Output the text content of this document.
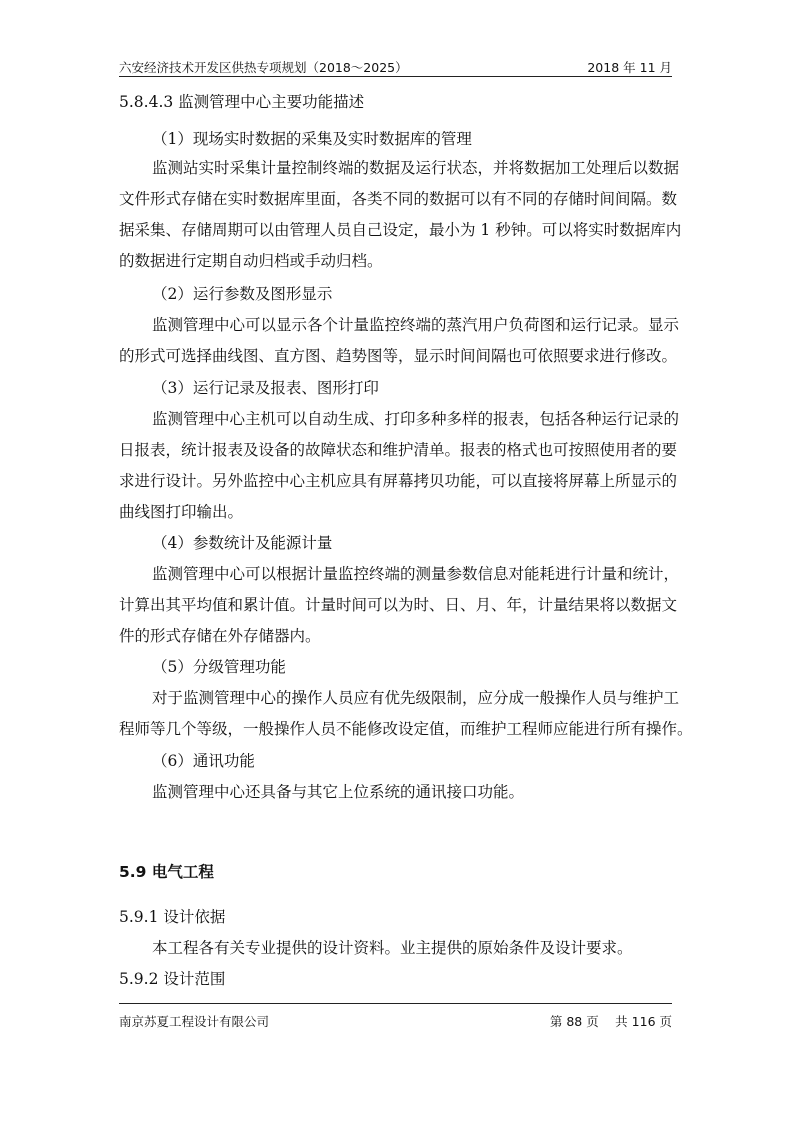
六安经济技术开发区供热专项规划（2018～2025）	2018 年 11 月
5.8.4.3 监测管理中心主要功能描述
（1）现场实时数据的采集及实时数据库的管理
监测站实时采集计量控制终端的数据及运行状态，并将数据加工处理后以数据
文件形式存储在实时数据库里面，各类不同的数据可以有不同的存储时间间隔。数
据采集、存储周期可以由管理人员自己设定，最小为 1 秒钟。可以将实时数据库内
的数据进行定期自动归档或手动归档。
（2）运行参数及图形显示
监测管理中心可以显示各个计量监控终端的蒸汽用户负荷图和运行记录。显示
的形式可选择曲线图、直方图、趋势图等，显示时间间隔也可依照要求进行修改。
（3）运行记录及报表、图形打印
监测管理中心主机可以自动生成、打印多种多样的报表，包括各种运行记录的
日报表，统计报表及设备的故障状态和维护清单。报表的格式也可按照使用者的要
求进行设计。另外监控中心主机应具有屏幕拷贝功能，可以直接将屏幕上所显示的
曲线图打印输出。
（4）参数统计及能源计量
监测管理中心可以根据计量监控终端的测量参数信息对能耗进行计量和统计，
计算出其平均值和累计值。计量时间可以为时、日、月、年，计量结果将以数据文
件的形式存储在外存储器内。
（5）分级管理功能
对于监测管理中心的操作人员应有优先级限制，应分成一般操作人员与维护工
程师等几个等级，一般操作人员不能修改设定值，而维护工程师应能进行所有操作。
（6）通讯功能
监测管理中心还具备与其它上位系统的通讯接口功能。
5.9 电气工程
5.9.1 设计依据
本工程各有关专业提供的设计资料。业主提供的原始条件及设计要求。
5.9.2 设计范围
南京苏夏工程设计有限公司	第 88 页　 共 116 页
